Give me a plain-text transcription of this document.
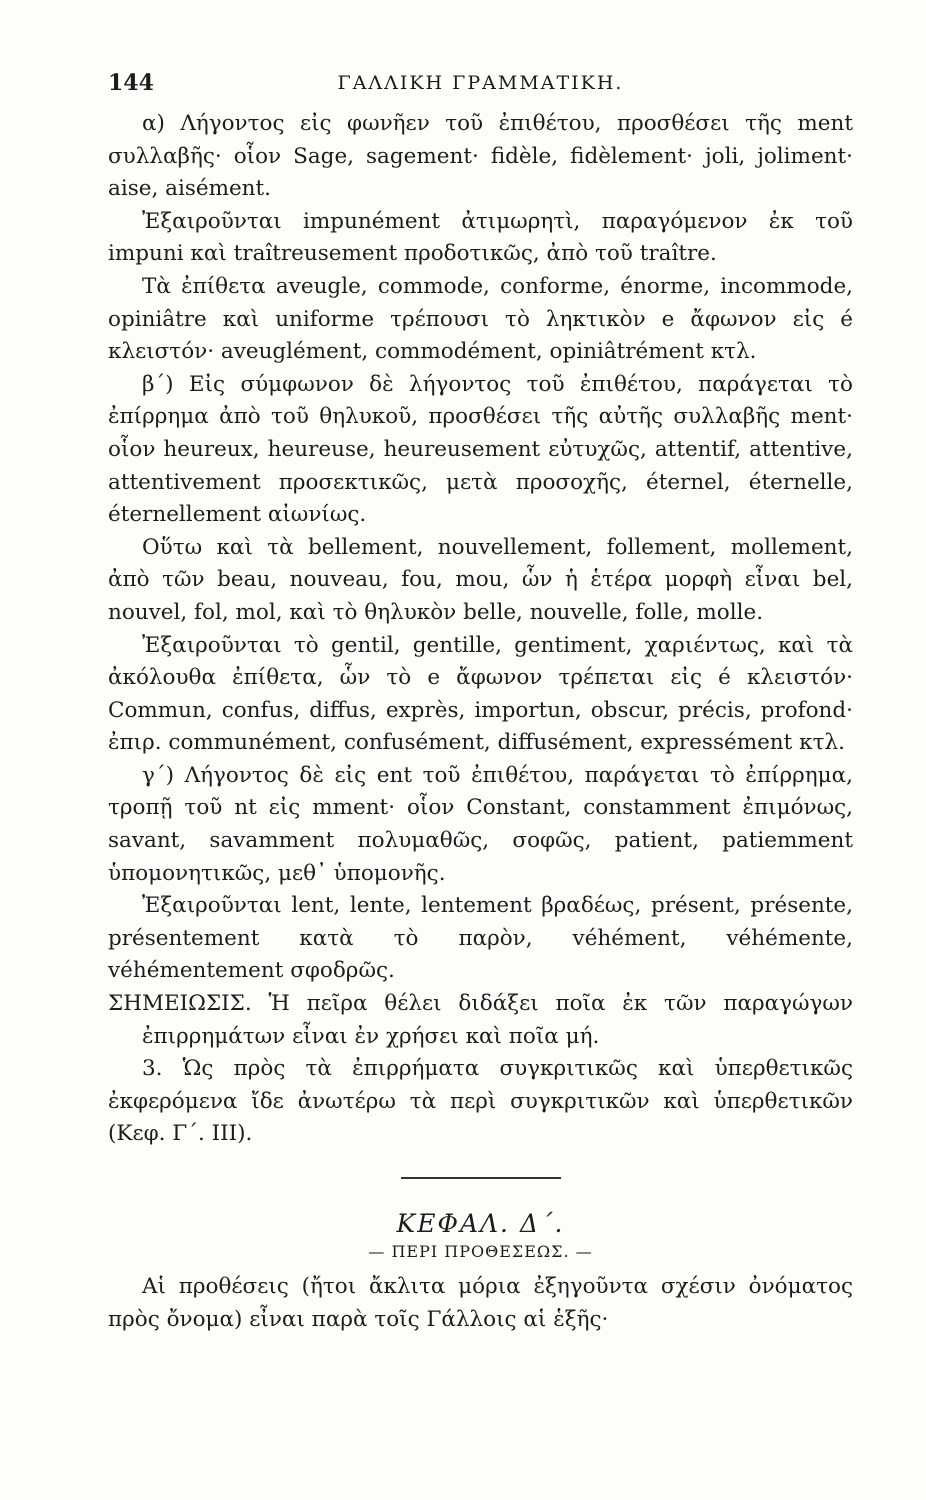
144	ΓΑΛΛΙΚΗ ΓΡΑΜΜΑΤΙΚΗ.

α) Λήγοντος εἰς φωνῆεν τοῦ ἐπιθέτου, προσθέσει τῆς ment συλλαβῆς· οἷον Sage, sagement· fidèle, fidèlement· joli, joliment· aise, aisément.

Ἐξαιροῦνται impunément ἀτιμωρητὶ, παραγόμενον ἐκ τοῦ impuni καὶ traîtreusement προδοτικῶς, ἀπὸ τοῦ traître.

Τὰ ἐπίθετα aveugle, commode, conforme, énorme, incommode, opiniâtre καὶ uniforme τρέπουσι τὸ ληκτικὸν e ἄφωνον εἰς é κλειστόν· aveuglément, commodément, opiniâtrément κτλ.

β΄) Εἰς σύμφωνον δὲ λήγοντος τοῦ ἐπιθέτου, παράγεται τὸ ἐπίρρημα ἀπὸ τοῦ θηλυκοῦ, προσθέσει τῆς αὐτῆς συλλαβῆς ment· οἷον heureux, heureuse, heureusement εὐτυχῶς, attentif, attentive, attentivement προσεκτικῶς, μετὰ προσοχῆς, éternel, éternelle, éternellement αἰωνίως.

Οὕτω καὶ τὰ bellement, nouvellement, follement, mollement, ἀπὸ τῶν beau, nouveau, fou, mou, ὧν ἡ ἑτέρα μορφὴ εἶναι bel, nouvel, fol, mol, καὶ τὸ θηλυκὸν belle, nouvelle, folle, molle.

Ἐξαιροῦνται τὸ gentil, gentille, gentiment, χαριέντως, καὶ τὰ ἀκόλουθα ἐπίθετα, ὧν τὸ e ἄφωνον τρέπεται εἰς é κλειστόν· Commun, confus, diffus, exprès, importun, obscur, précis, profond· ἐπιρ. communément, confusément, diffusément, expressément κτλ.

γ΄) Λήγοντος δὲ εἰς ent τοῦ ἐπιθέτου, παράγεται τὸ ἐπίρρημα, τροπῇ τοῦ nt εἰς mment· οἷον Constant, constamment ἐπιμόνως, savant, savamment πολυμαθῶς, σοφῶς, patient, patiemment ὑπομονητικῶς, μεθ᾽ ὑπομονῆς.

Ἐξαιροῦνται lent, lente, lentement βραδέως, présent, présente, présentement κατὰ τὸ παρὸν, véhément, véhémente, véhémentement σφοδρῶς.

ΣΗΜΕΙΩΣΙΣ. Ἡ πεῖρα θέλει διδάξει ποῖα ἐκ τῶν παραγώγων ἐπιρρημάτων εἶναι ἐν χρήσει καὶ ποῖα μή.

3. Ὡς πρὸς τὰ ἐπιρρήματα συγκριτικῶς καὶ ὑπερθετικῶς ἐκφερόμενα ἴδε ἀνωτέρω τὰ περὶ συγκριτικῶν καὶ ὑπερθετικῶν (Κεφ. Γ΄. ΙΙΙ).

ΚΕΦΑΛ. Δ΄.
— ΠΕΡΙ ΠΡΟΘΕΣΕΩΣ. —

Αἱ προθέσεις (ἤτοι ἄκλιτα μόρια ἐξηγοῦντα σχέσιν ὀνόματος πρὸς ὄνομα) εἶναι παρὰ τοῖς Γάλλοις αἱ ἑξῆς·
